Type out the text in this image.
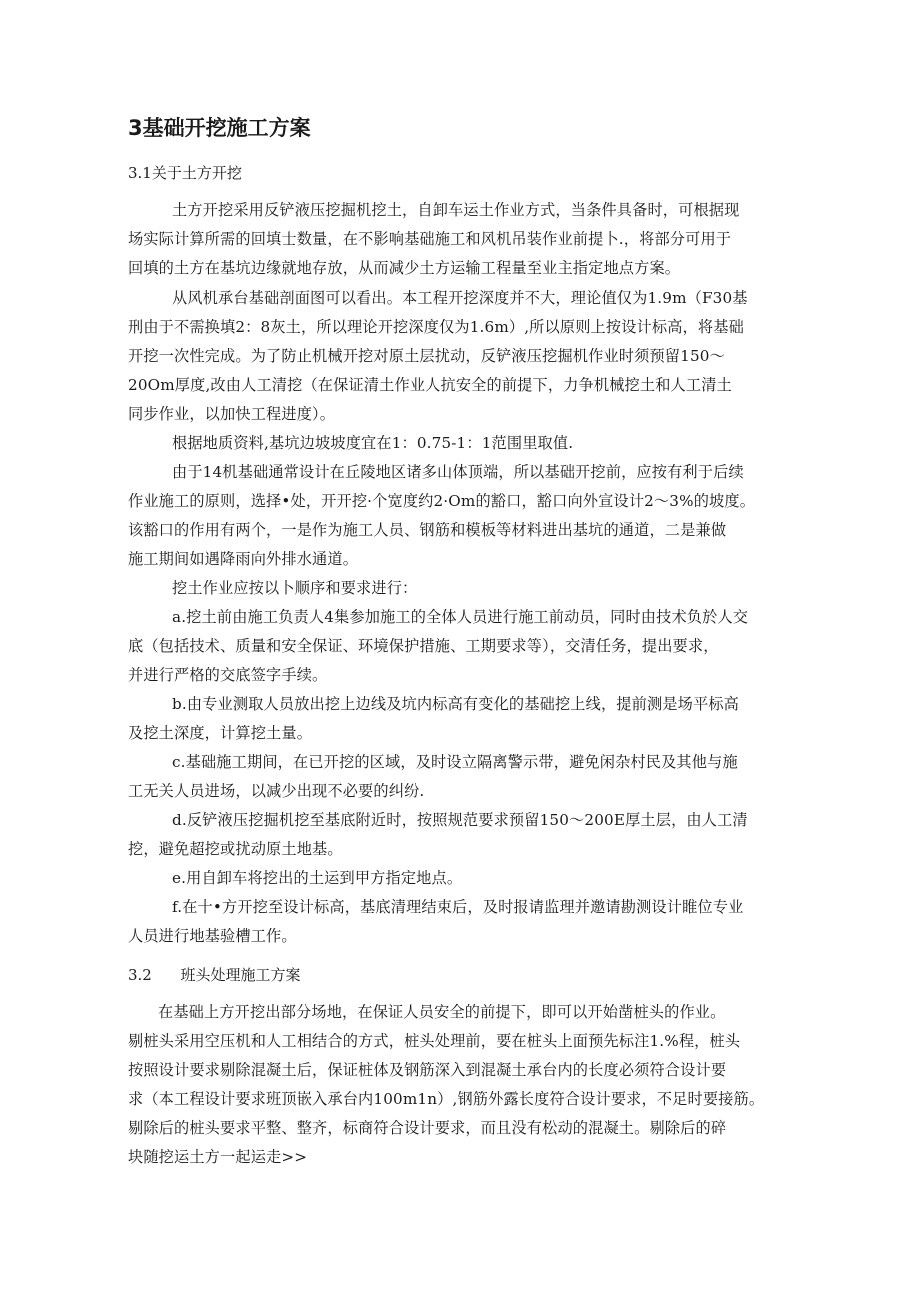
3基础开挖施工方案
3.1关于土方开挖
土方开挖采用反铲液压挖掘机挖土，自卸车运土作业方式，当条件具备时，可根据现
场实际计算所需的回填士数量，在不影响基础施工和风机吊装作业前提卜.，将部分可用于
回填的土方在基坑边缘就地存放，从而减少土方运输工程量至业主指定地点方案。
从风机承台基础剖面图可以看出。本工程开挖深度并不大，理论值仅为1.9m（F30基
刑由于不需换填2：8灰土，所以理论开挖深度仅为1.6m）,所以原则上按设计标高，将基础
开挖一次性完成。为了防止机械开挖对原土层扰动，反铲液压挖掘机作业时须预留150～
20Om厚度,改由人工清挖（在保证清土作业人抗安全的前提下，力争机械挖土和人工清土
同步作业，以加快工程进度）。
根据地质资料,基坑边坡坡度宜在1：0.75-1：1范围里取值.
由于14机基础通常设计在丘陵地区诸多山体顶端，所以基础开挖前，应按有利于后续
作业施工的原则，选择•处，开开挖·个宽度约2·Om的豁口，豁口向外宣设计2～3%的坡度。
该豁口的作用有两个，一是作为施工人员、钢筋和模板等材料进出基坑的通道，二是兼做
施工期间如遇降雨向外排水通道。
挖土作业应按以卜顺序和要求进行：
a.挖土前由施工负责人4集参加施工的全体人员进行施工前动员，同时由技术负於人交
底（包括技术、质量和安全保证、环境保护措施、工期要求等），交清任务，提出要求，
并进行严格的交底签字手续。
b.由专业测取人员放出挖上边线及坑内标高有变化的基础挖上线，提前测是场平标高
及挖土深度，计算挖土量。
c.基础施工期间，在已开挖的区域，及时设立隔离警示带，避免闲杂村民及其他与施
工无关人员进场，以减少出现不必要的纠纷.
d.反铲液压挖掘机挖至基底附近时，按照规范要求预留150～200E厚土层，由人工清
挖，避免超挖或扰动原土地基。
e.用自卸车将挖出的土运到甲方指定地点。
f.在十•方开挖至设计标高，基底清理结束后，及时报请监理并邀请勘测设计睢位专业
人员进行地基验槽工作。
3.2      班头处理施工方案
在基础上方开挖出部分场地，在保证人员安全的前提下，即可以开始凿桩头的作业。
剔桩头采用空压机和人工相结合的方式，桩头处理前，要在桩头上面预先标注1.%程，桩头
按照设计要求剔除混凝土后，保证桩体及钢筋深入到混凝土承台内的长度必须符合设计要
求（本工程设计要求班顶嵌入承台内100m1n）,钢筋外露长度符合设计要求，不足时要接筋。
剔除后的桩头要求平整、整齐，标商符合设计要求，而且没有松动的混凝土。剔除后的碎
块随挖运土方一起运走>>
